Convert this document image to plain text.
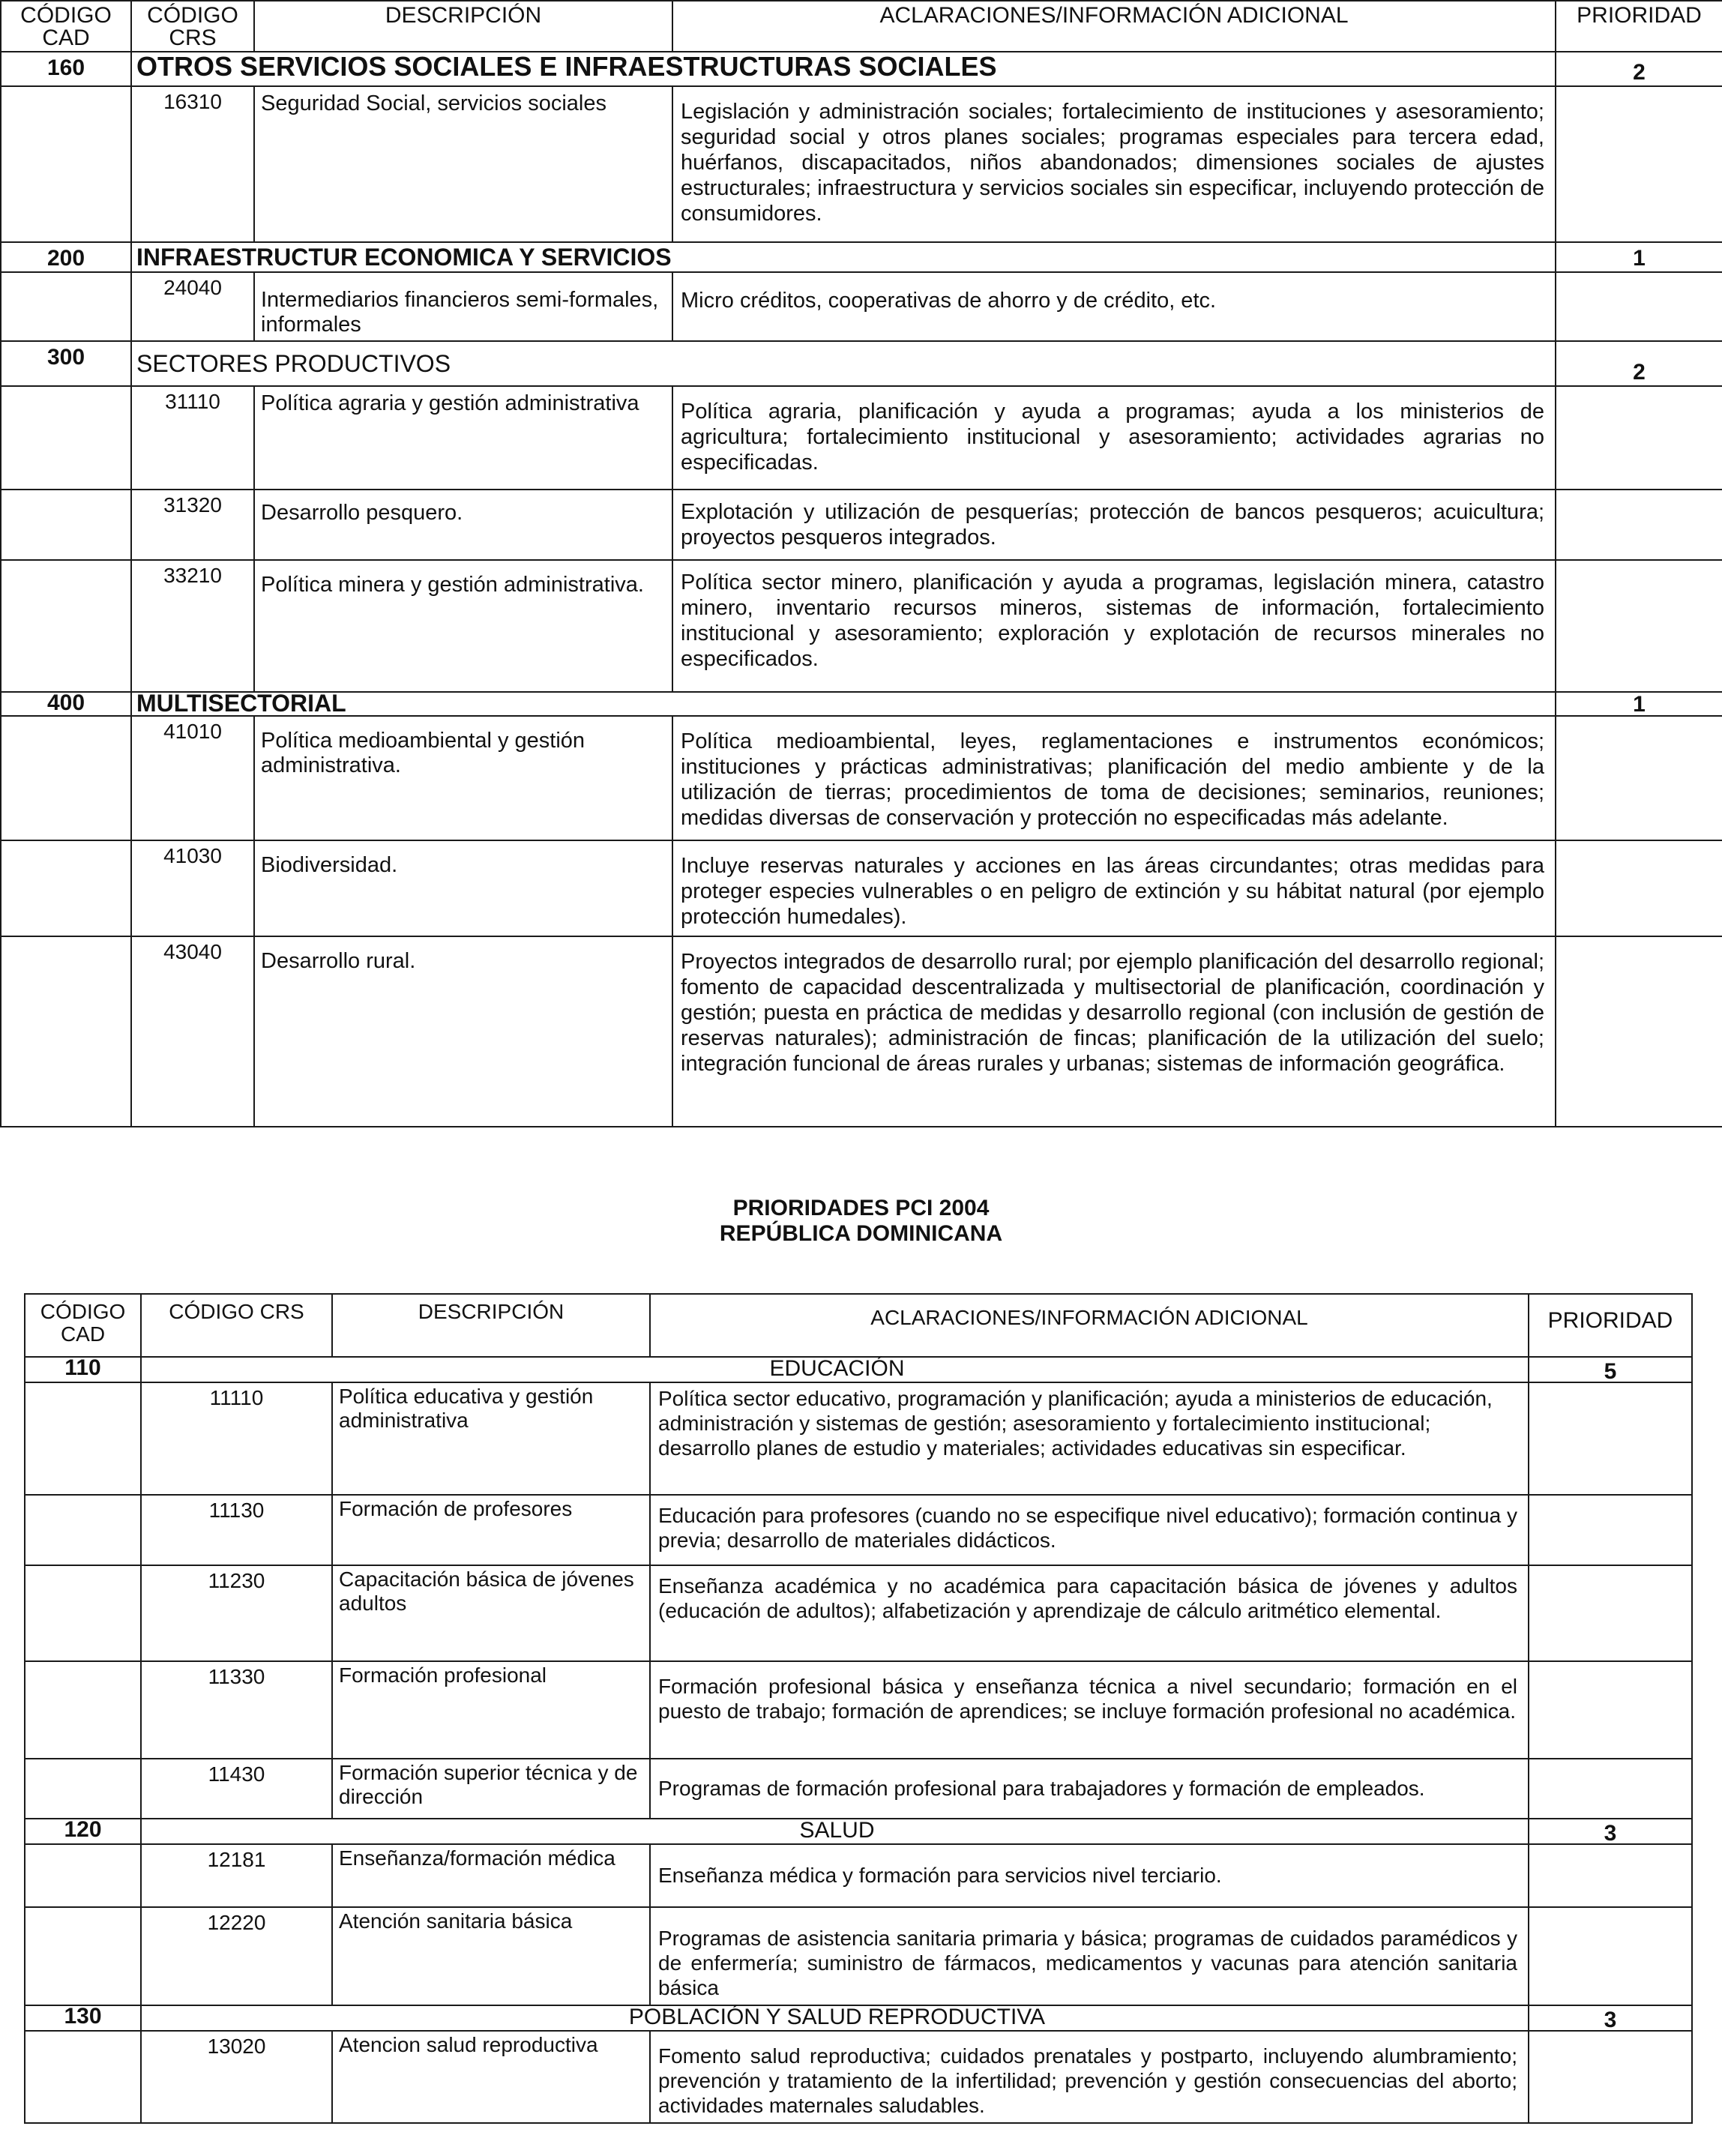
CÓDIGO CAD	CÓDIGO CRS	DESCRIPCIÓN	ACLARACIONES/INFORMACIÓN ADICIONAL	PRIORIDAD
160	OTROS SERVICIOS SOCIALES E INFRAESTRUCTURAS SOCIALES			2
	16310	Seguridad Social, servicios sociales	Legislación y administración sociales; fortalecimiento de instituciones y asesoramiento; seguridad social y otros planes sociales; programas especiales para tercera edad, huérfanos, discapacitados, niños abandonados; dimensiones sociales de ajustes estructurales; infraestructura y servicios sociales sin especificar, incluyendo protección de consumidores.	
200	INFRAESTRUCTUR ECONOMICA Y SERVICIOS			1
	24040	Intermediarios financieros semi-formales, informales	Micro créditos, cooperativas de ahorro y de crédito, etc.	
300	SECTORES PRODUCTIVOS			2
	31110	Política agraria y gestión administrativa	Política agraria, planificación y ayuda a programas; ayuda a los ministerios de agricultura; fortalecimiento institucional y asesoramiento; actividades agrarias no especificadas.	
	31320	Desarrollo pesquero.	Explotación y utilización de pesquerías; protección de bancos pesqueros; acuicultura; proyectos pesqueros integrados.	
	33210	Política minera y gestión administrativa.	Política sector minero, planificación y ayuda a programas, legislación minera, catastro minero, inventario recursos mineros, sistemas de información, fortalecimiento institucional y asesoramiento; exploración y explotación de recursos minerales no especificados.	
400	MULTISECTORIAL			1
	41010	Política medioambiental y gestión administrativa.	Política medioambiental, leyes, reglamentaciones e instrumentos económicos; instituciones y prácticas administrativas; planificación del medio ambiente y de la utilización de tierras; procedimientos de toma de decisiones; seminarios, reuniones; medidas diversas de conservación y protección no especificadas más adelante.	
	41030	Biodiversidad.	Incluye reservas naturales y acciones en las áreas circundantes; otras medidas para proteger especies vulnerables o en peligro de extinción y su hábitat natural (por ejemplo protección humedales).	
	43040	Desarrollo rural.	Proyectos integrados de desarrollo rural; por ejemplo planificación del desarrollo regional; fomento de capacidad descentralizada y multisectorial de planificación, coordinación y gestión; puesta en práctica de medidas y desarrollo regional (con inclusión de gestión de reservas naturales); administración de fincas; planificación de la utilización del suelo; integración funcional de áreas rurales y urbanas; sistemas de información geográfica.	
PRIORIDADES PCI 2004
REPÚBLICA DOMINICANA
CÓDIGO CAD	CÓDIGO CRS	DESCRIPCIÓN	ACLARACIONES/INFORMACIÓN ADICIONAL	PRIORIDAD
110	EDUCACIÓN			5
	11110	Política educativa y gestión administrativa	Política sector educativo, programación y planificación; ayuda a ministerios de educación, administración y sistemas de gestión; asesoramiento y fortalecimiento institucional; desarrollo planes de estudio y materiales; actividades educativas sin especificar.	
	11130	Formación de profesores	Educación para profesores (cuando no se especifique nivel educativo); formación continua y previa; desarrollo de materiales didácticos.	
	11230	Capacitación básica de jóvenes adultos	Enseñanza académica y no académica para capacitación básica de jóvenes y adultos (educación de adultos); alfabetización y aprendizaje de cálculo aritmético elemental.	
	11330	Formación profesional	Formación profesional básica y enseñanza técnica a nivel secundario; formación en el puesto de trabajo; formación de aprendices; se incluye formación profesional no académica.	
	11430	Formación superior técnica y de dirección	Programas de formación profesional para trabajadores y formación de empleados.	
120	SALUD			3
	12181	Enseñanza/formación médica	Enseñanza médica y formación para servicios nivel terciario.	
	12220	Atención sanitaria básica	Programas de asistencia sanitaria primaria y básica; programas de cuidados paramédicos y de enfermería; suministro de fármacos, medicamentos y vacunas para atención sanitaria básica	
130	POBLACIÓN Y SALUD REPRODUCTIVA			3
	13020	Atencion salud reproductiva	Fomento salud reproductiva; cuidados prenatales y postparto, incluyendo alumbramiento; prevención y tratamiento de la infertilidad; prevención y gestión consecuencias del aborto; actividades maternales saludables.	
